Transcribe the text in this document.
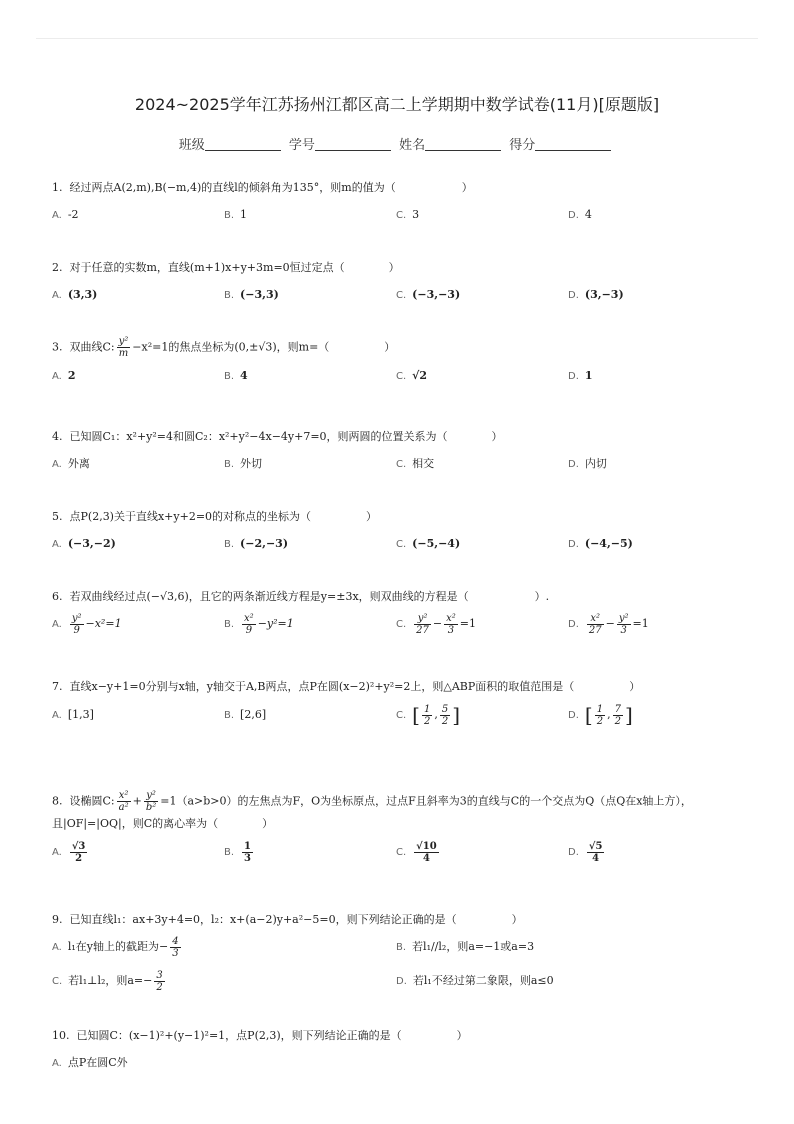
2024~2025学年江苏扬州江都区高二上学期期中数学试卷(11月)[原题版]
班级	学号	姓名	得分
1. 经过两点A(2,m),B(−m,4)的直线l的倾斜角为135°，则m的值为（　　　　　　）
A. -2	B. 1	C. 3	D. 4
2. 对于任意的实数m，直线(m+1)x+y+3m=0恒过定点（　　　　）
A. (3,3)	B. (−3,3)	C. (−3,−3)	D. (3,−3)
3. 双曲线C: $\frac{\text{y²}}{m} -x^2=1$的焦点坐标为(0,±√3)，则m=（　　　　　）
A. 2	B. 4	C. √2	D. 1
4. 已知圆C₁：x²+y²=4和圆C₂：x²+y²−4x−4y+7=0，则两圆的位置关系为（　　　　）
A. 外离	B. 外切	C. 相交	D. 内切
5. 点P(2,3)关于直线x+y+2=0的对称点的坐标为（　　　　　）
A. (−3,−2)	B. (−2,−3)	C. (−5,−4)	D. (−4,−5)
6. 若双曲线经过点(−√3,6)，且它的两条渐近线方程是y=±3x，则双曲线的方程是（　　　　　　）.
A. $\frac{\text{y²}}{9} -x^2=1$	B. $\frac{\text{x²}}{9} -y^2=1$	C. $\frac{\text{y²}}{27} - \frac{\text{x²}}{3} =1$	D. $\frac{\text{x²}}{27} - \frac{\text{y²}}{3} =1$
7. 直线x−y+1=0分别与x轴，y轴交于A,B两点，点P在圆(x−2)²+y²=2上，则△ABP面积的取值范围是（　　　　　）
A. [1,3]	B. [2,6]	C. [ $\frac{1}{2}$ , $\frac{5}{2}$ ]	D. [ $\frac{1}{2}$ , $\frac{7}{2}$ ]
8. 设椭圆C: $\frac{\text{x²}}{\text{a²}} + \frac{\text{y²}}{\text{b²}} =1(a>b>0)$的左焦点为F，O为坐标原点，过点F且斜率为3的直线与C的一个交点为Q（点Q在x轴上方），且|OF|=|OQ|，则C的离心率为（　　　　）
A. $\frac{√3}{2}$	B. $\frac{1}{3}$	C. $\frac{√10}{4}$	D. $\frac{√5}{4}$
9. 已知直线l₁：ax+3y+4=0，l₂：x+(a−2)y+a²−5=0，则下列结论正确的是（　　　　　）
A. l₁在y轴上的截距为− $\frac{4}{3}$	B. 若l₁//l₂，则a=−1或a=3
C. 若l₁⊥l₂，则$a=- \frac{3}{2}$	D. 若l₁不经过第二象限，则a≤0
10. 已知圆C：(x−1)²+(y−1)²=1，点P(2,3)，则下列结论正确的是（　　　　　）
A. 点P在圆C外
